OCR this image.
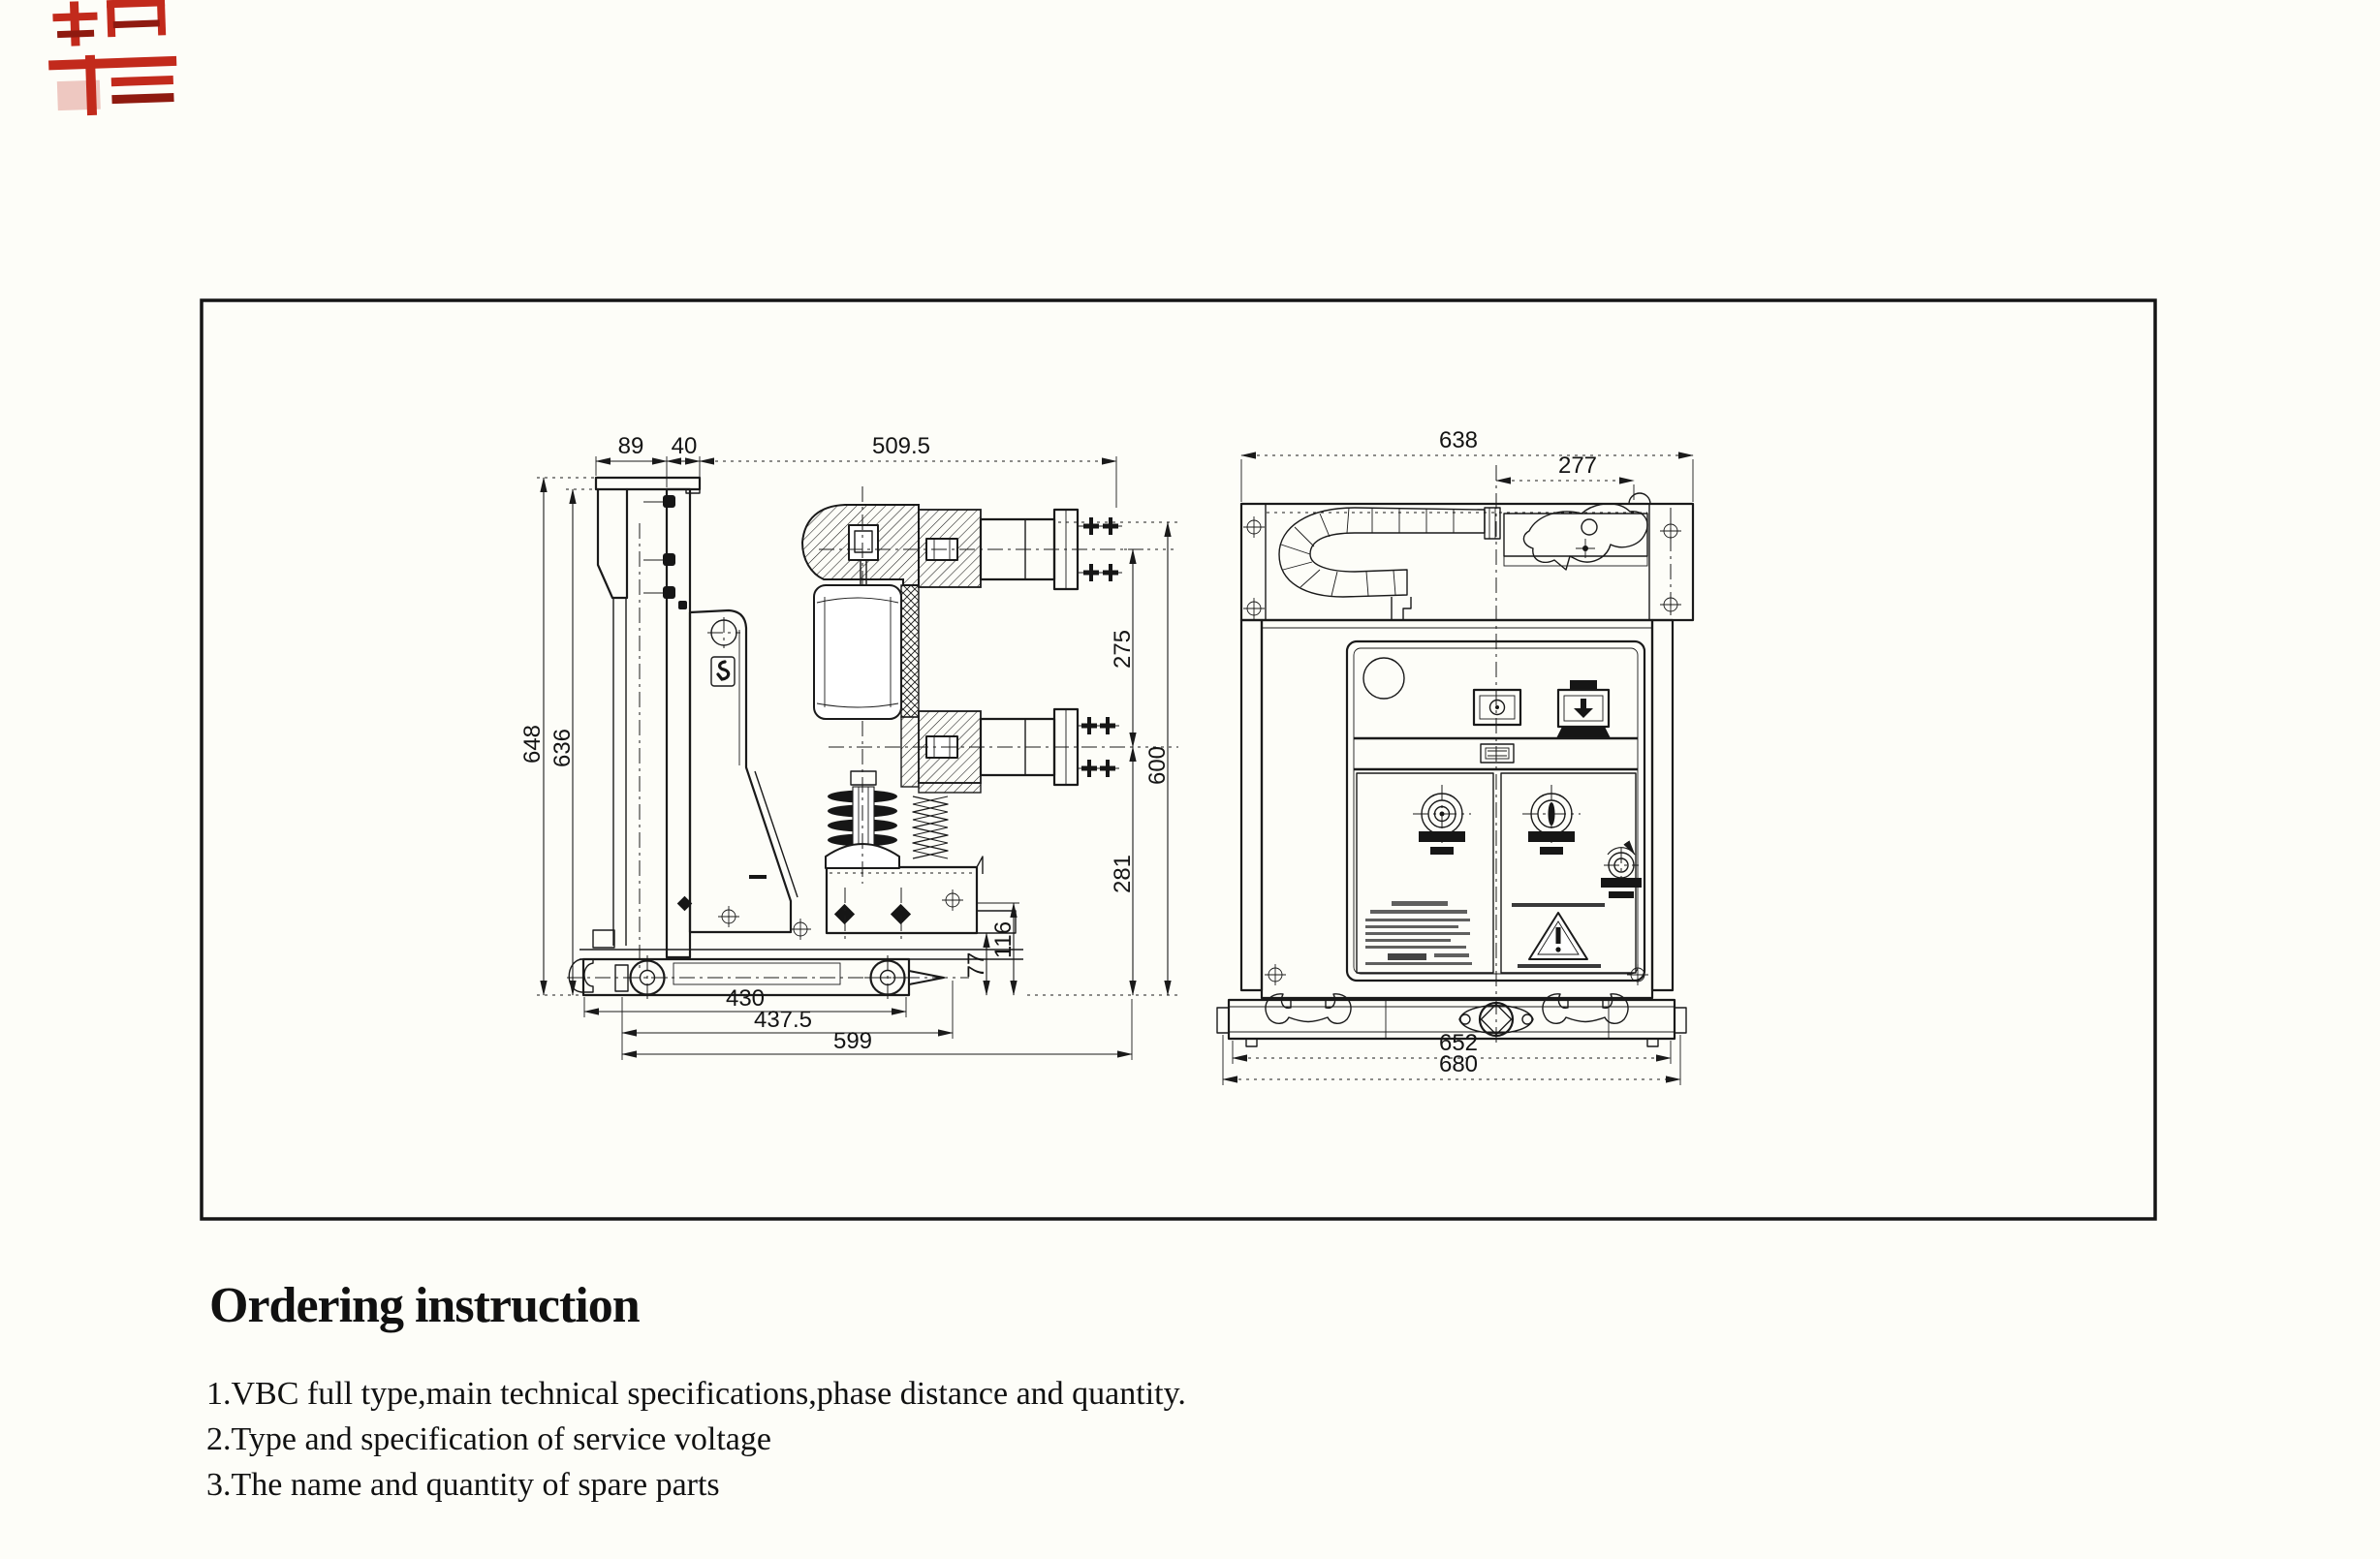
89 40	509.5
648 636
275
600
281
116
77
430
437.5
599
638
277
652
680
Ordering instruction
1.VBC full type,main technical specifications,phase distance and quantity.
2.Type and specification of service voltage
3.The name and quantity of spare parts
